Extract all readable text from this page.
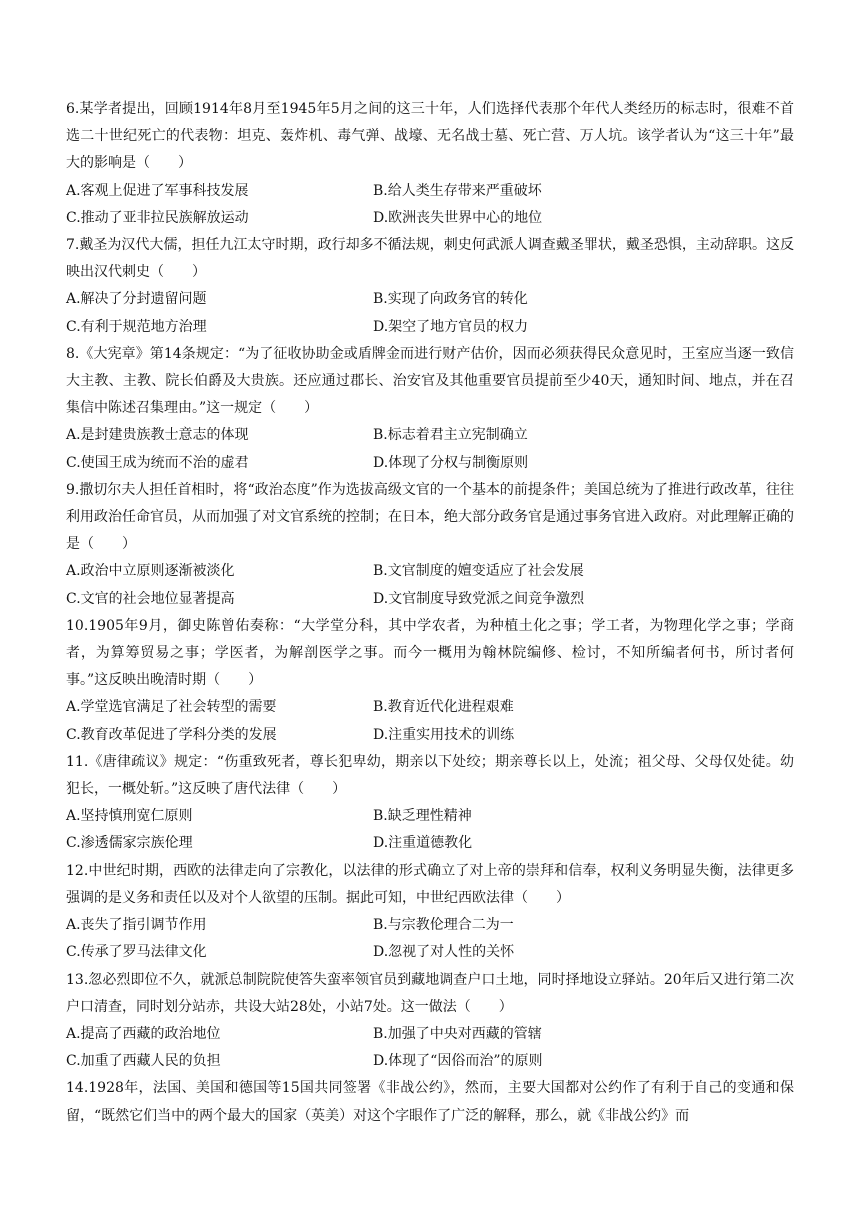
6.某学者提出，回顾1914年8月至1945年5月之间的这三十年，人们选择代表那个年代人类经历的标志时，很难不首选二十世纪死亡的代表物：坦克、轰炸机、毒气弹、战壕、无名战士墓、死亡营、万人坑。该学者认为“这三十年”最大的影响是（　　）

A.客观上促进了军事科技发展	B.给人类生存带来严重破坏

C.推动了亚非拉民族解放运动	D.欧洲丧失世界中心的地位

7.戴圣为汉代大儒，担任九江太守时期，政行却多不循法规，刺史何武派人调查戴圣罪状，戴圣恐惧，主动辞职。这反映出汉代刺史（　　）

A.解决了分封遗留问题	B.实现了向政务官的转化

C.有利于规范地方治理	D.架空了地方官员的权力

8.《大宪章》第14条规定：“为了征收协助金或盾牌金而进行财产估价，因而必须获得民众意见时，王室应当逐一致信大主教、主教、院长伯爵及大贵族。还应通过郡长、治安官及其他重要官员提前至少40天，通知时间、地点，并在召集信中陈述召集理由。”这一规定（　　）

A.是封建贵族教士意志的体现	B.标志着君主立宪制确立

C.使国王成为统而不治的虚君	D.体现了分权与制衡原则

9.撒切尔夫人担任首相时，将“政治态度”作为选拔高级文官的一个基本的前提条件；美国总统为了推进行政改革，往往利用政治任命官员，从而加强了对文官系统的控制；在日本，绝大部分政务官是通过事务官进入政府。对此理解正确的是（　　）

A.政治中立原则逐渐被淡化	B.文官制度的嬗变适应了社会发展

C.文官的社会地位显著提高	D.文官制度导致党派之间竞争激烈

10.1905年9月，御史陈曾佑奏称：“大学堂分科，其中学农者，为种植土化之事；学工者，为物理化学之事；学商者，为算筹贸易之事；学医者，为解剖医学之事。而今一概用为翰林院编修、检讨，不知所编者何书，所讨者何事。”这反映出晚清时期（　　）

A.学堂选官满足了社会转型的需要	B.教育近代化进程艰难

C.教育改革促进了学科分类的发展	D.注重实用技术的训练

11.《唐律疏议》规定：“伤重致死者，尊长犯卑幼，期亲以下处绞；期亲尊长以上，处流；祖父母、父母仅处徒。幼犯长，一概处斩。”这反映了唐代法律（　　）

A.坚持慎刑宽仁原则	B.缺乏理性精神

C.渗透儒家宗族伦理	D.注重道德教化

12.中世纪时期，西欧的法律走向了宗教化，以法律的形式确立了对上帝的崇拜和信奉，权利义务明显失衡，法律更多强调的是义务和责任以及对个人欲望的压制。据此可知，中世纪西欧法律（　　）

A.丧失了指引调节作用	B.与宗教伦理合二为一

C.传承了罗马法律文化	D.忽视了对人性的关怀

13.忽必烈即位不久，就派总制院院使答失蛮率领官员到藏地调查户口土地，同时择地设立驿站。20年后又进行第二次户口清查，同时划分站赤，共设大站28处，小站7处。这一做法（　　）

A.提高了西藏的政治地位	B.加强了中央对西藏的管辖

C.加重了西藏人民的负担	D.体现了“因俗而治”的原则

14.1928年，法国、美国和德国等15国共同签署《非战公约》，然而，主要大国都对公约作了有利于自己的变通和保留，“既然它们当中的两个最大的国家（英美）对这个字眼作了广泛的解释，那么，就《非战公约》而
